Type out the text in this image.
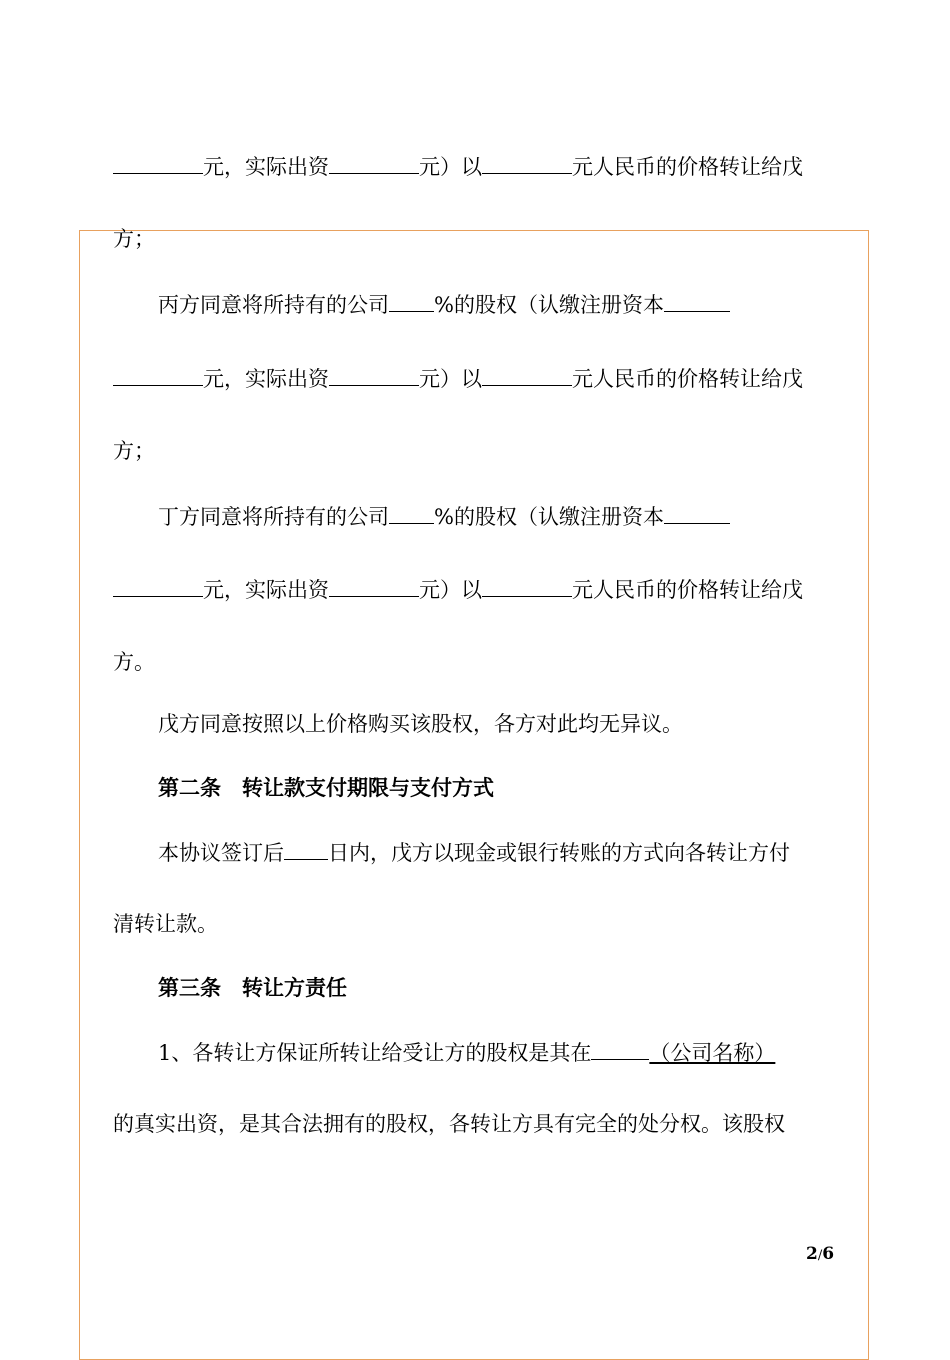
元，实际出资	元）以	元人民币的价格转让给戊
方；
丙方同意将所持有的公司 %的股权（认缴注册资本
元，实际出资	元）以	元人民币的价格转让给戊
方；
丁方同意将所持有的公司 %的股权（认缴注册资本
元，实际出资	元）以	元人民币的价格转让给戊
方。
戊方同意按照以上价格购买该股权，各方对此均无异议。
第二条　转让款支付期限与支付方式
本协议签订后 日内，戊方以现金或银行转账的方式向各转让方付
清转让款。
第三条　转让方责任
1、各转让方保证所转让给受让方的股权是其在	（公司名称）
的真实出资，是其合法拥有的股权，各转让方具有完全的处分权。该股权
2/6
